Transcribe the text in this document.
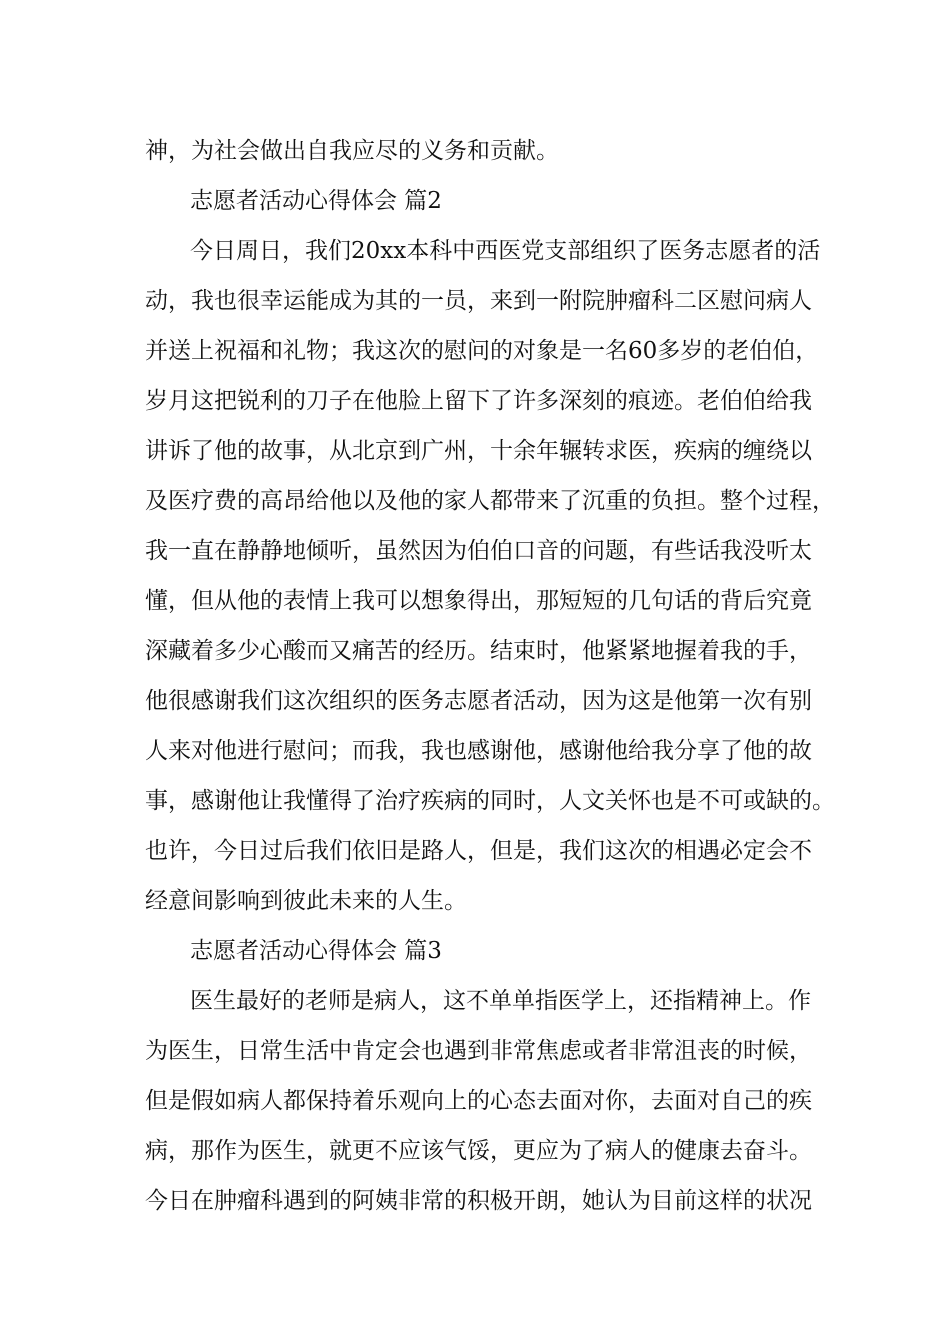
神，为社会做出自我应尽的义务和贡献。
志愿者活动心得体会 篇2
今日周日，我们20xx本科中西医党支部组织了医务志愿者的活
动，我也很幸运能成为其的一员，来到一附院肿瘤科二区慰问病人
并送上祝福和礼物；我这次的慰问的对象是一名60多岁的老伯伯，
岁月这把锐利的刀子在他脸上留下了许多深刻的痕迹。老伯伯给我
讲诉了他的故事，从北京到广州，十余年辗转求医，疾病的缠绕以
及医疗费的高昂给他以及他的家人都带来了沉重的负担。整个过程，
我一直在静静地倾听，虽然因为伯伯口音的问题，有些话我没听太
懂，但从他的表情上我可以想象得出，那短短的几句话的背后究竟
深藏着多少心酸而又痛苦的经历。结束时，他紧紧地握着我的手，
他很感谢我们这次组织的医务志愿者活动，因为这是他第一次有别
人来对他进行慰问；而我，我也感谢他，感谢他给我分享了他的故
事，感谢他让我懂得了治疗疾病的同时，人文关怀也是不可或缺的。
也许，今日过后我们依旧是路人，但是，我们这次的相遇必定会不
经意间影响到彼此未来的人生。
志愿者活动心得体会 篇3
医生最好的老师是病人，这不单单指医学上，还指精神上。作
为医生，日常生活中肯定会也遇到非常焦虑或者非常沮丧的时候，
但是假如病人都保持着乐观向上的心态去面对你，去面对自己的疾
病，那作为医生，就更不应该气馁，更应为了病人的健康去奋斗。
今日在肿瘤科遇到的阿姨非常的积极开朗，她认为目前这样的状况
